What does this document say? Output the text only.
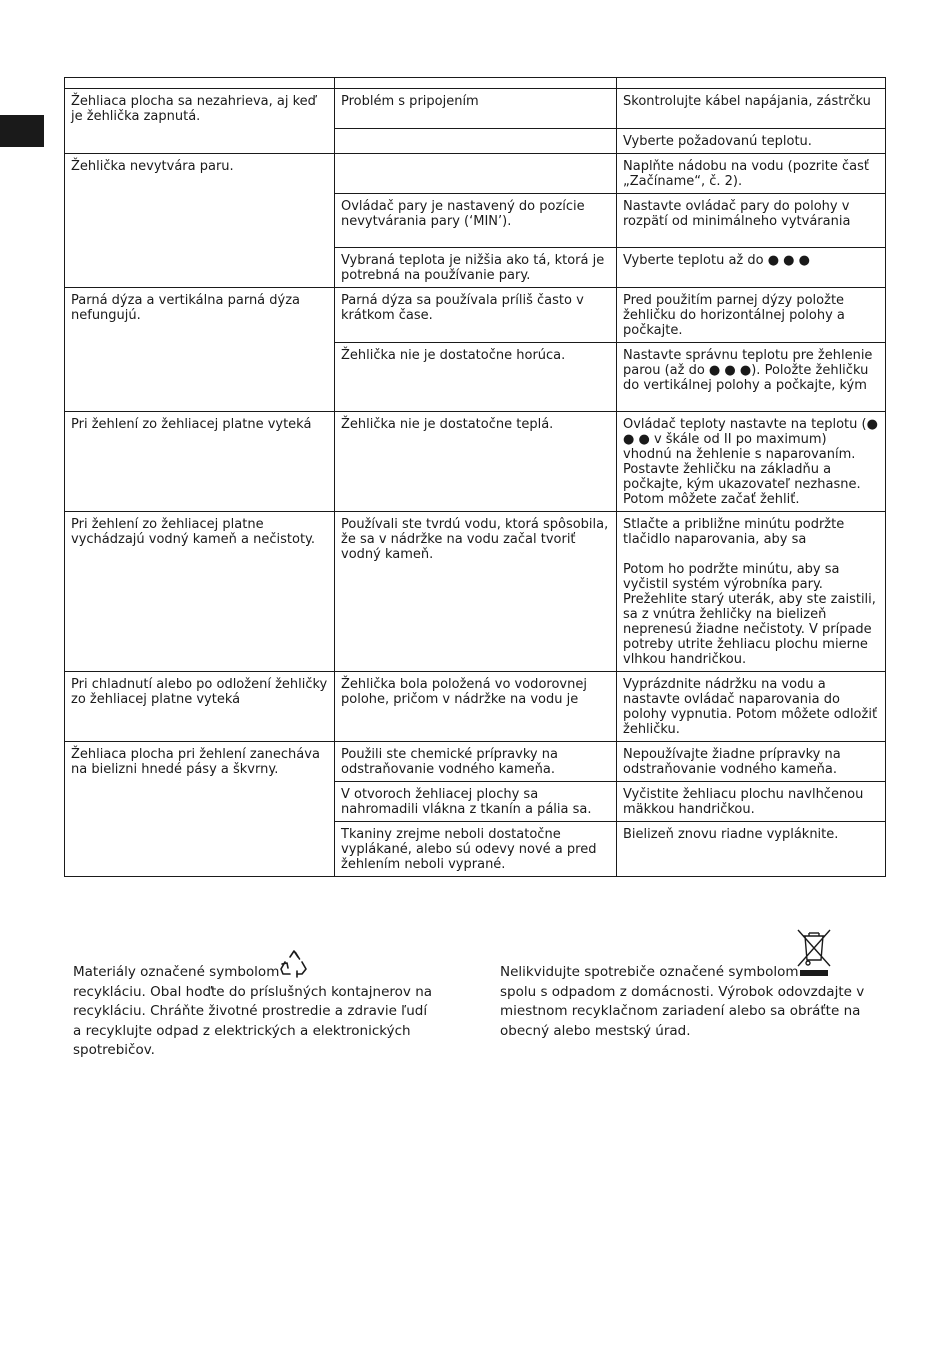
Žehliaca plocha sa nezahrieva, aj keď je žehlička zapnutá.	Problém s pripojením	Skontrolujte kábel napájania, zástrčku

		Vyberte požadovanú teplotu.

Žehlička nevytvára paru.		Naplňte nádobu na vodu (pozrite časť „Začíname“, č. 2).

	Ovládač pary je nastavený do pozície nevytvárania pary (‘MIN’).	Nastavte ovládač pary do polohy v rozpätí od minimálneho vytvárania

	Vybraná teplota je nižšia ako tá, ktorá je potrebná na používanie pary.	Vyberte teplotu až do ● ● ●

Parná dýza a vertikálna parná dýza nefungujú.	Parná dýza sa používala príliš často v krátkom čase.	Pred použitím parnej dýzy položte žehličku do horizontálnej polohy a počkajte.

	Žehlička nie je dostatočne horúca.	Nastavte správnu teplotu pre žehlenie parou (až do ● ● ●). Položte žehličku do vertikálnej polohy a počkajte, kým

Pri žehlení zo žehliacej platne vyteká	Žehlička nie je dostatočne teplá.	Ovládač teploty nastavte na teplotu (● ● ● v škále od II po maximum) vhodnú na žehlenie s naparovaním. Postavte žehličku na základňu a počkajte, kým ukazovateľ nezhasne. Potom môžete začať žehliť.

Pri žehlení zo žehliacej platne vychádzajú vodný kameň a nečistoty.	Používali ste tvrdú vodu, ktorá spôsobila, že sa v nádržke na vodu začal tvoriť vodný kameň.	Stlačte a približne minútu podržte tlačidlo naparovania, aby sa
Potom ho podržte minútu, aby sa vyčistil systém výrobníka pary. Prežehlite starý uterák, aby ste zaistili, sa z vnútra žehličky na bielizeň neprenesú žiadne nečistoty. V prípade potreby utrite žehliacu plochu mierne vlhkou handričkou.

Pri chladnutí alebo po odložení žehličky zo žehliacej platne vyteká	Žehlička bola položená vo vodorovnej polohe, pričom v nádržke na vodu je	Vyprázdnite nádržku na vodu a nastavte ovládač naparovania do polohy vypnutia. Potom môžete odložiť žehličku.

Žehliaca plocha pri žehlení zanecháva na bielizni hnedé pásy a škvrny.	Použili ste chemické prípravky na odstraňovanie vodného kameňa.	Nepoužívajte žiadne prípravky na odstraňovanie vodného kameňa.

	V otvoroch žehliacej plochy sa nahromadili vlákna z tkanín a pália sa.	Vyčistite žehliacu plochu navlhčenou mäkkou handričkou.

	Tkaniny zrejme neboli dostatočne vyplákané, alebo sú odevy nové a pred žehlením neboli vyprané.	Bielizeň znovu riadne vypláknite.
Materiály označené symbolom
recykláciu. Obal hoďte do príslušných kontajnerov na recykláciu. Chráňte životné prostredie a zdravie ľudí a recyklujte odpad z elektrických a elektronických spotrebičov.
Nelikvidujte spotrebiče označené symbolom
spolu s odpadom z domácnosti. Výrobok odovzdajte v miestnom recyklačnom zariadení alebo sa obráťte na obecný alebo mestský úrad.
